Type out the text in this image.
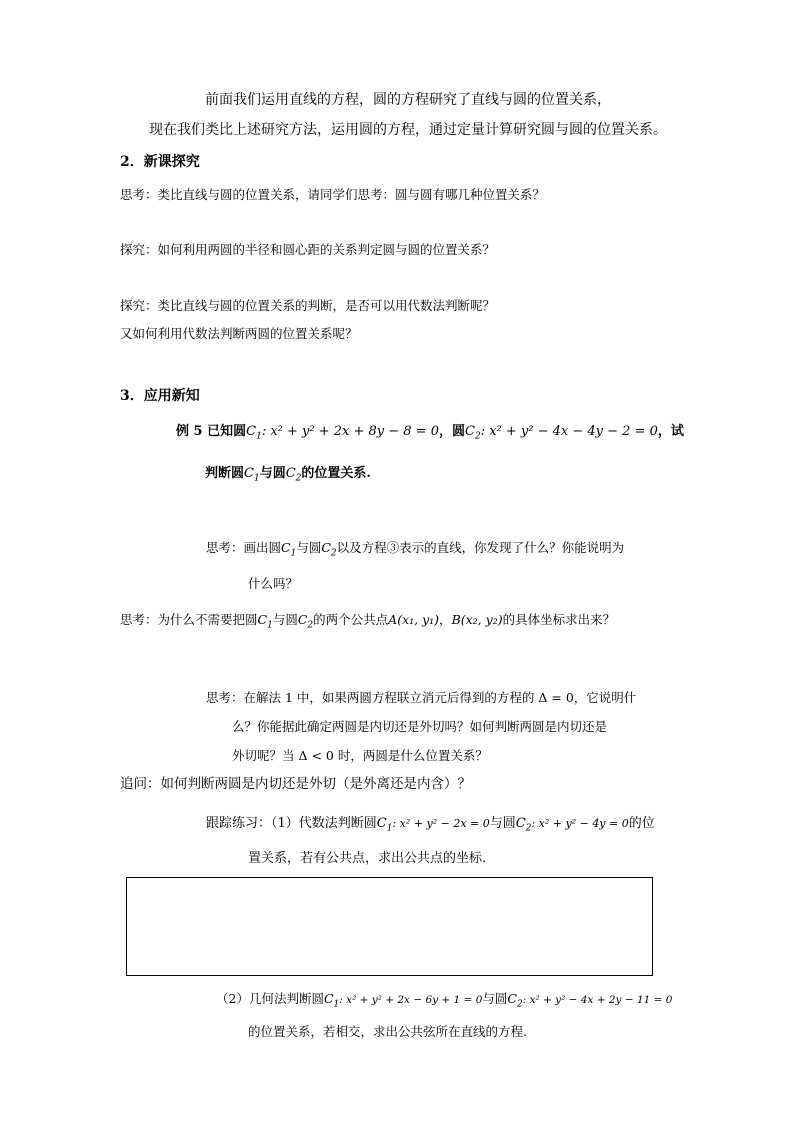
前面我们运用直线的方程，圆的方程研究了直线与圆的位置关系，
现在我们类比上述研究方法，运用圆的方程，通过定量计算研究圆与圆的位置关系。
2．新课探究
思考：类比直线与圆的位置关系，请同学们思考：圆与圆有哪几种位置关系？
探究：如何利用两圆的半径和圆心距的关系判定圆与圆的位置关系？
探究：类比直线与圆的位置关系的判断，是否可以用代数法判断呢？
又如何利用代数法判断两圆的位置关系呢？
3．应用新知
例 5 已知圆$C_1$: x² + y² + 2x + 8y − 8 = 0，圆$C_2$: x² + y² − 4x − 4y − 2 = 0，试
判断圆$C_1$与圆$C_2$的位置关系.
思考：画出圆$C_1$与圆$C_2$以及方程③表示的直线，你发现了什么？你能说明为
什么吗？
思考：为什么不需要把圆$C_1$与圆$C_2$的两个公共点A(x₁, y₁)，B(x₂, y₂)的具体坐标求出来？
思考：在解法 1 中，如果两圆方程联立消元后得到的方程的 Δ = 0，它说明什
么？你能据此确定两圆是内切还是外切吗？如何判断两圆是内切还是
外切呢？当 Δ < 0 时，两圆是什么位置关系？
追问：如何判断两圆是内切还是外切（是外离还是内含）？
跟踪练习：（1）代数法判断圆$C_1$: x² + y² − 2x = 0与圆$C_2$: x² + y² − 4y = 0的位
置关系，若有公共点，求出公共点的坐标.
（2）几何法判断圆$C_1$: x² + y² + 2x − 6y + 1 = 0与圆$C_2$: x² + y² − 4x + 2y − 11 = 0
的位置关系，若相交，求出公共弦所在直线的方程.
